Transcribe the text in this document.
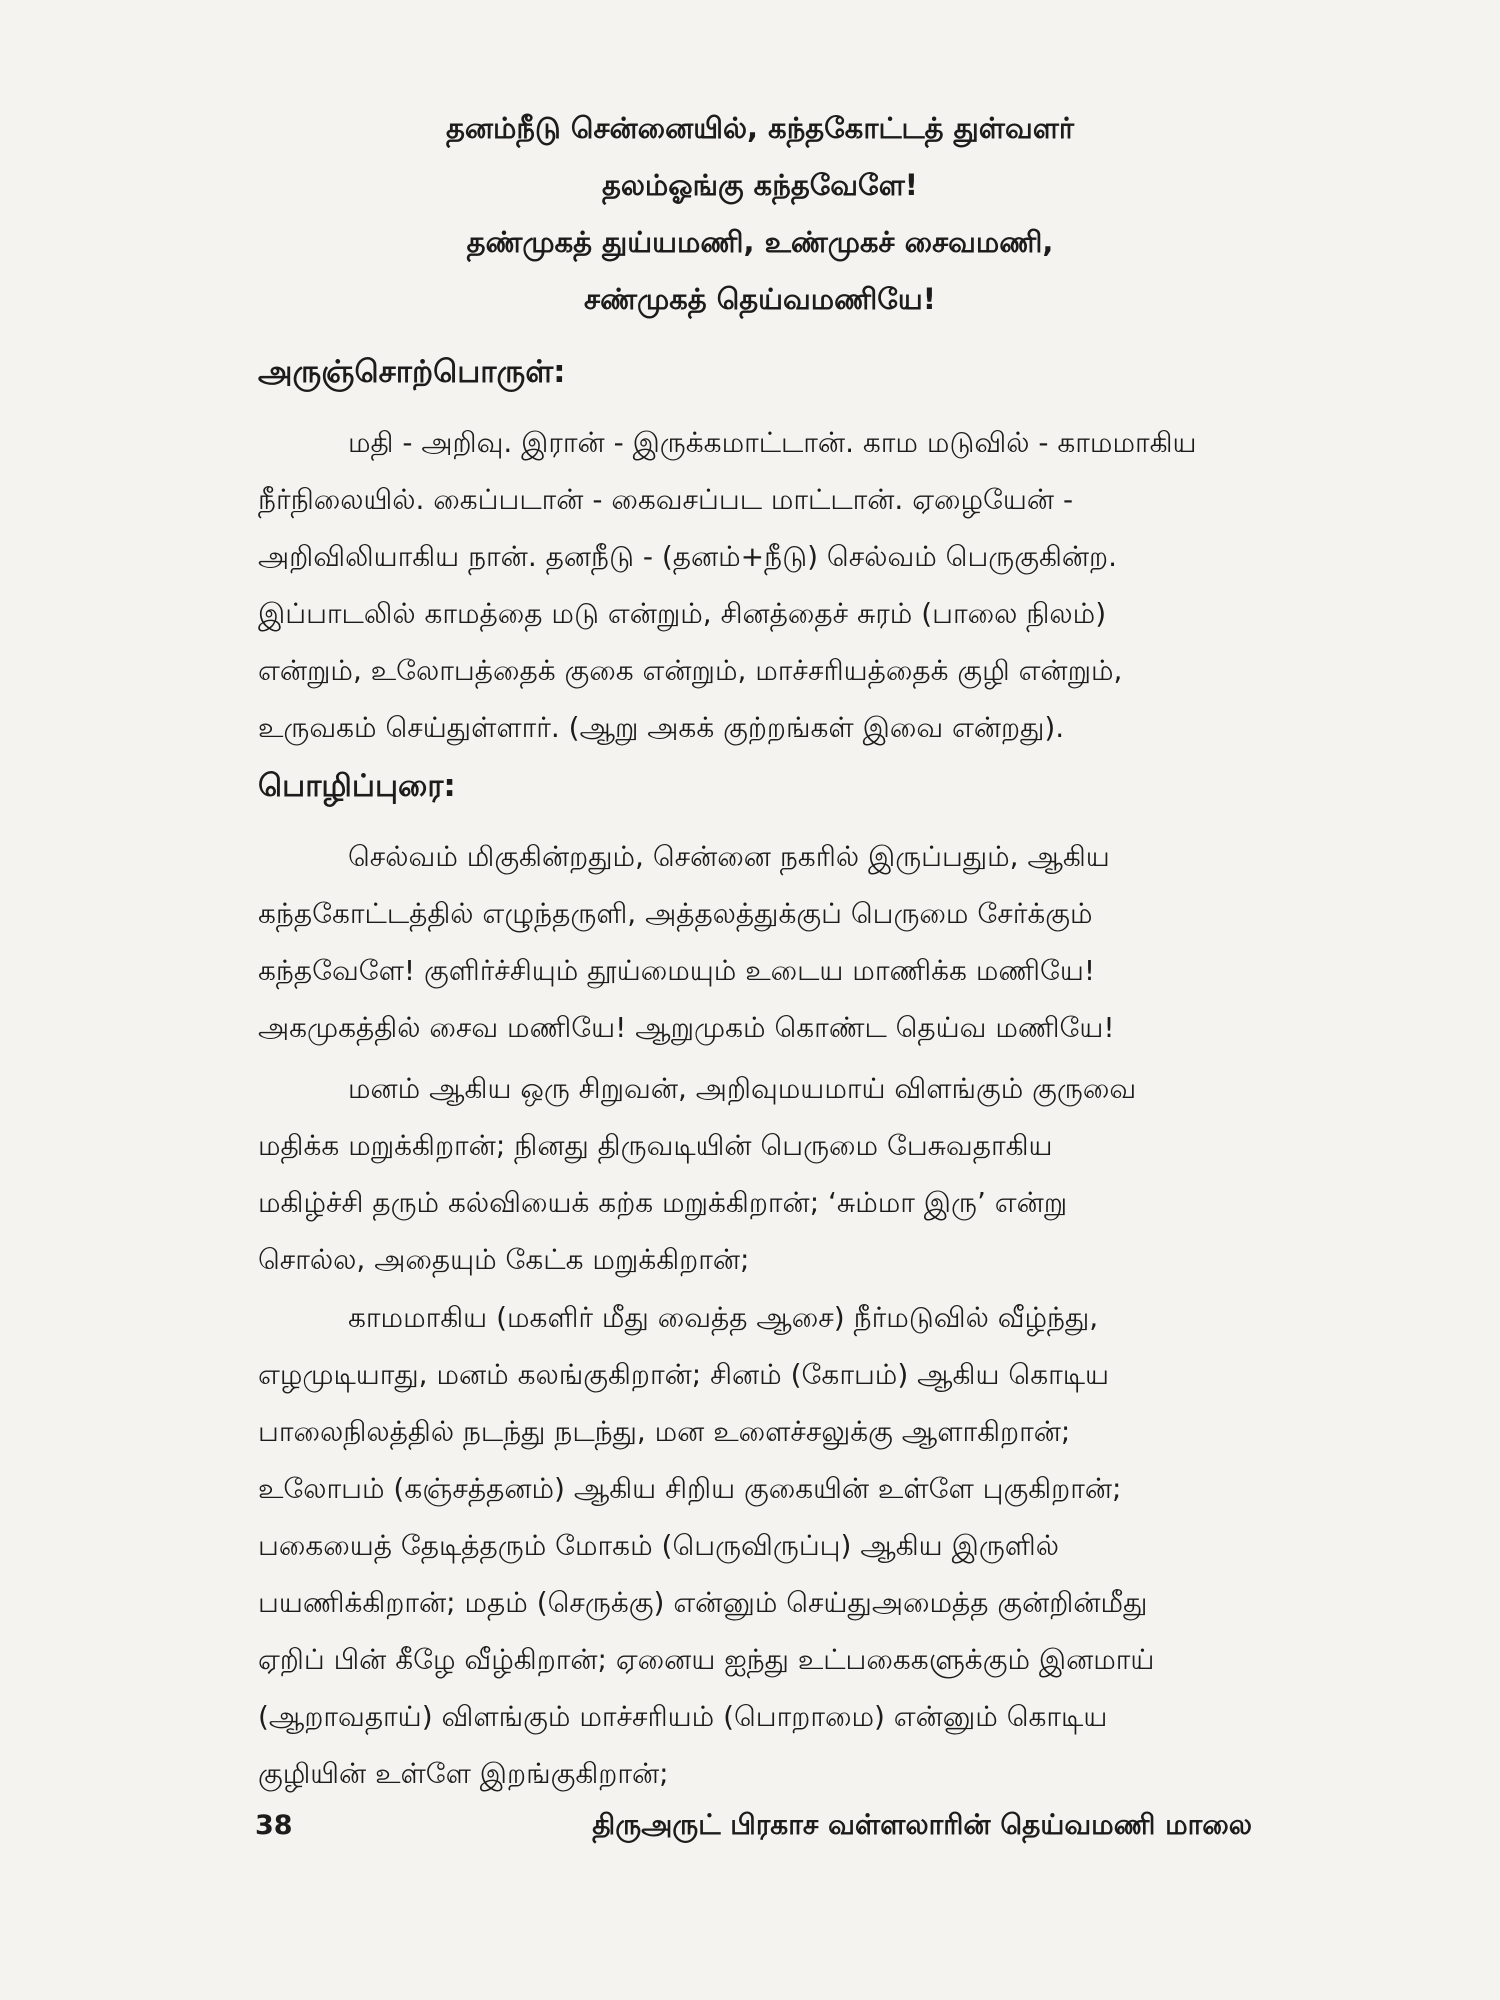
தனம்நீடு சென்னையில், கந்தகோட்டத் துள்வளர்
தலம்ஓங்கு கந்தவேளே!
தண்முகத் துய்யமணி, உண்முகச் சைவமணி,
சண்முகத் தெய்வமணியே!
அருஞ்சொற்பொருள்:
மதி - அறிவு. இரான் - இருக்கமாட்டான். காம மடுவில் - காமமாகிய
நீர்நிலையில். கைப்படான் - கைவசப்பட மாட்டான். ஏழையேன் -
அறிவிலியாகிய நான். தனநீடு - (தனம்+நீடு) செல்வம் பெருகுகின்ற.
இப்பாடலில் காமத்தை மடு என்றும், சினத்தைச் சுரம் (பாலை நிலம்)
என்றும், உலோபத்தைக் குகை என்றும், மாச்சரியத்தைக் குழி என்றும்,
உருவகம் செய்துள்ளார். (ஆறு அகக் குற்றங்கள் இவை என்றது).
பொழிப்புரை:
செல்வம் மிகுகின்றதும், சென்னை நகரில் இருப்பதும், ஆகிய
கந்தகோட்டத்தில் எழுந்தருளி, அத்தலத்துக்குப் பெருமை சேர்க்கும்
கந்தவேளே! குளிர்ச்சியும் தூய்மையும் உடைய மாணிக்க மணியே!
அகமுகத்தில் சைவ மணியே! ஆறுமுகம் கொண்ட தெய்வ மணியே!
மனம் ஆகிய ஒரு சிறுவன், அறிவுமயமாய் விளங்கும் குருவை
மதிக்க மறுக்கிறான்; நினது திருவடியின் பெருமை பேசுவதாகிய
மகிழ்ச்சி தரும் கல்வியைக் கற்க மறுக்கிறான்; ‘சும்மா இரு’ என்று
சொல்ல, அதையும் கேட்க மறுக்கிறான்;
காமமாகிய (மகளிர் மீது வைத்த ஆசை) நீர்மடுவில் வீழ்ந்து,
எழமுடியாது, மனம் கலங்குகிறான்; சினம் (கோபம்) ஆகிய கொடிய
பாலைநிலத்தில் நடந்து நடந்து, மன உளைச்சலுக்கு ஆளாகிறான்;
உலோபம் (கஞ்சத்தனம்) ஆகிய சிறிய குகையின் உள்ளே புகுகிறான்;
பகையைத் தேடித்தரும் மோகம் (பெருவிருப்பு) ஆகிய இருளில்
பயணிக்கிறான்; மதம் (செருக்கு) என்னும் செய்துஅமைத்த குன்றின்மீது
ஏறிப் பின் கீழே வீழ்கிறான்; ஏனைய ஐந்து உட்பகைகளுக்கும் இனமாய்
(ஆறாவதாய்) விளங்கும் மாச்சரியம் (பொறாமை) என்னும் கொடிய
குழியின் உள்ளே இறங்குகிறான்;
38	திருஅருட் பிரகாச வள்ளலாரின் தெய்வமணி மாலை
